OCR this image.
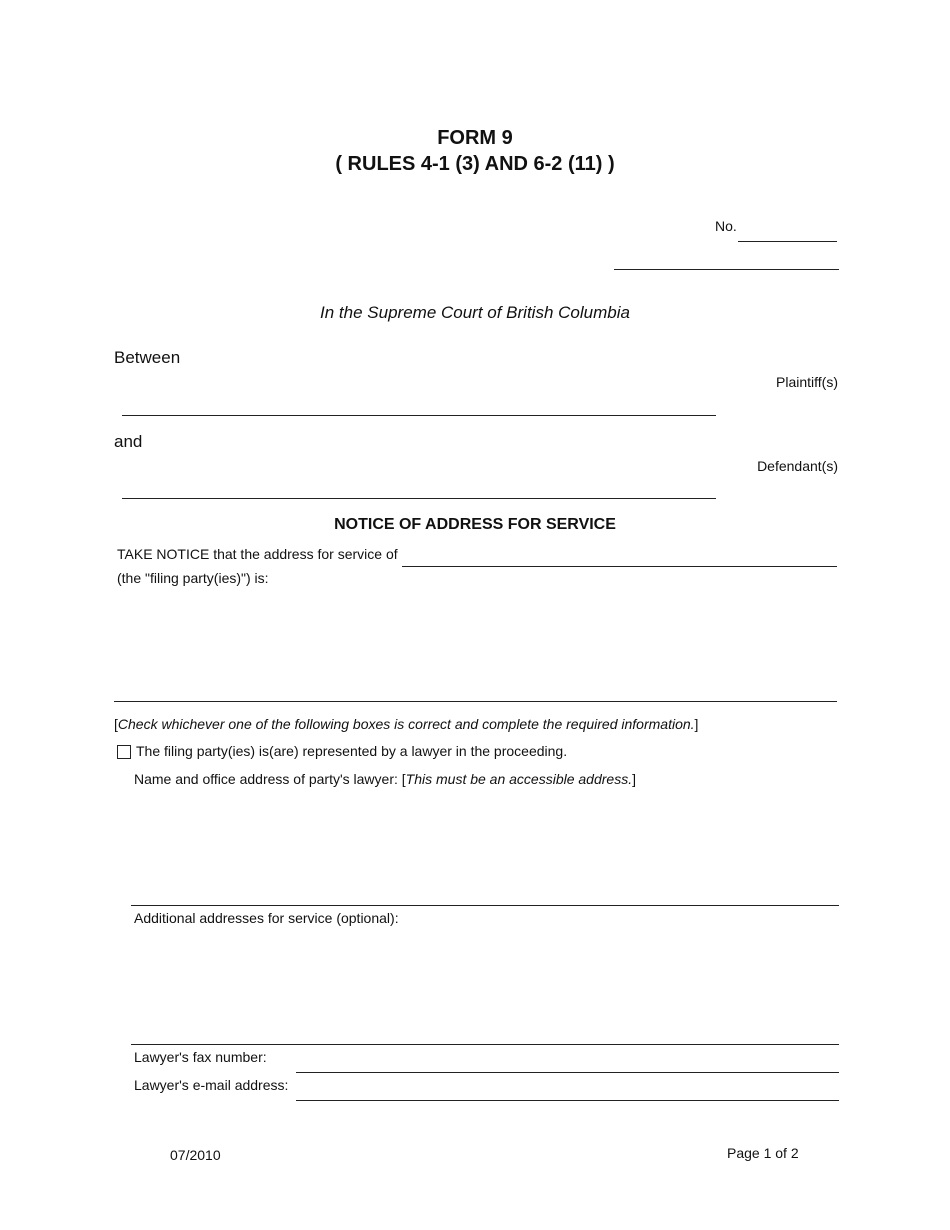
FORM 9
( RULES 4-1 (3) AND 6-2 (11) )
No.
In the Supreme Court of British Columbia
Between
Plaintiff(s)
and
Defendant(s)
NOTICE OF ADDRESS FOR SERVICE
TAKE NOTICE that the address for service of
(the "filing party(ies)") is:
[Check whichever one of the following boxes is correct and complete the required information.]
The filing party(ies) is(are) represented by a lawyer in the proceeding.
Name and office address of party's lawyer: [This must be an accessible address.]
Additional addresses for service (optional):
Lawyer's fax number:
Lawyer's e-mail address:
07/2010	Page 1 of 2
